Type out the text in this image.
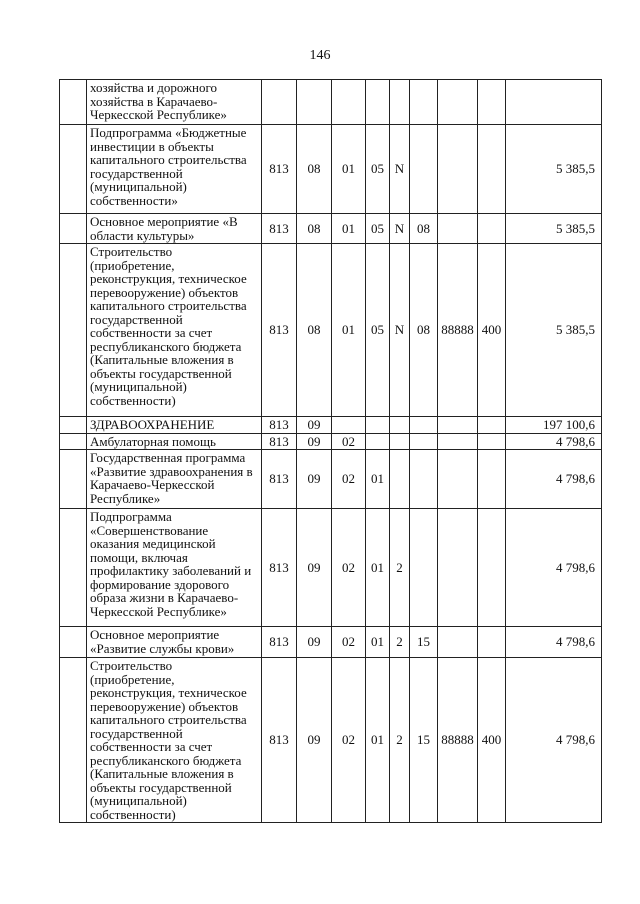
146
	хозяйства и дорожного хозяйства в Карачаево-Черкесской Республике»									
	Подпрограмма «Бюджетные инвестиции в объекты капитального строительства государственной (муниципальной) собственности»	813	08	01	05	N				5 385,5
	Основное мероприятие «В области культуры»	813	08	01	05	N	08			5 385,5
	Строительство (приобретение, реконструкция, техническое перевооружение) объектов капитального строительства государственной собственности за счет республиканского бюджета (Капитальные вложения в объекты государственной (муниципальной) собственности)	813	08	01	05	N	08	88888	400	5 385,5
	ЗДРАВООХРАНЕНИЕ	813	09							197 100,6
	Амбулаторная помощь	813	09	02						4 798,6
	Государственная программа «Развитие здравоохранения в Карачаево-Черкесской Республике»	813	09	02	01					4 798,6
	Подпрограмма «Совершенствование оказания медицинской помощи, включая профилактику заболеваний и формирование здорового образа жизни в Карачаево-Черкесской Республике»	813	09	02	01	2				4 798,6
	Основное мероприятие «Развитие службы крови»	813	09	02	01	2	15			4 798,6
	Строительство (приобретение, реконструкция, техническое перевооружение) объектов капитального строительства государственной собственности за счет республиканского бюджета (Капитальные вложения в объекты государственной (муниципальной) собственности)	813	09	02	01	2	15	88888	400	4 798,6
